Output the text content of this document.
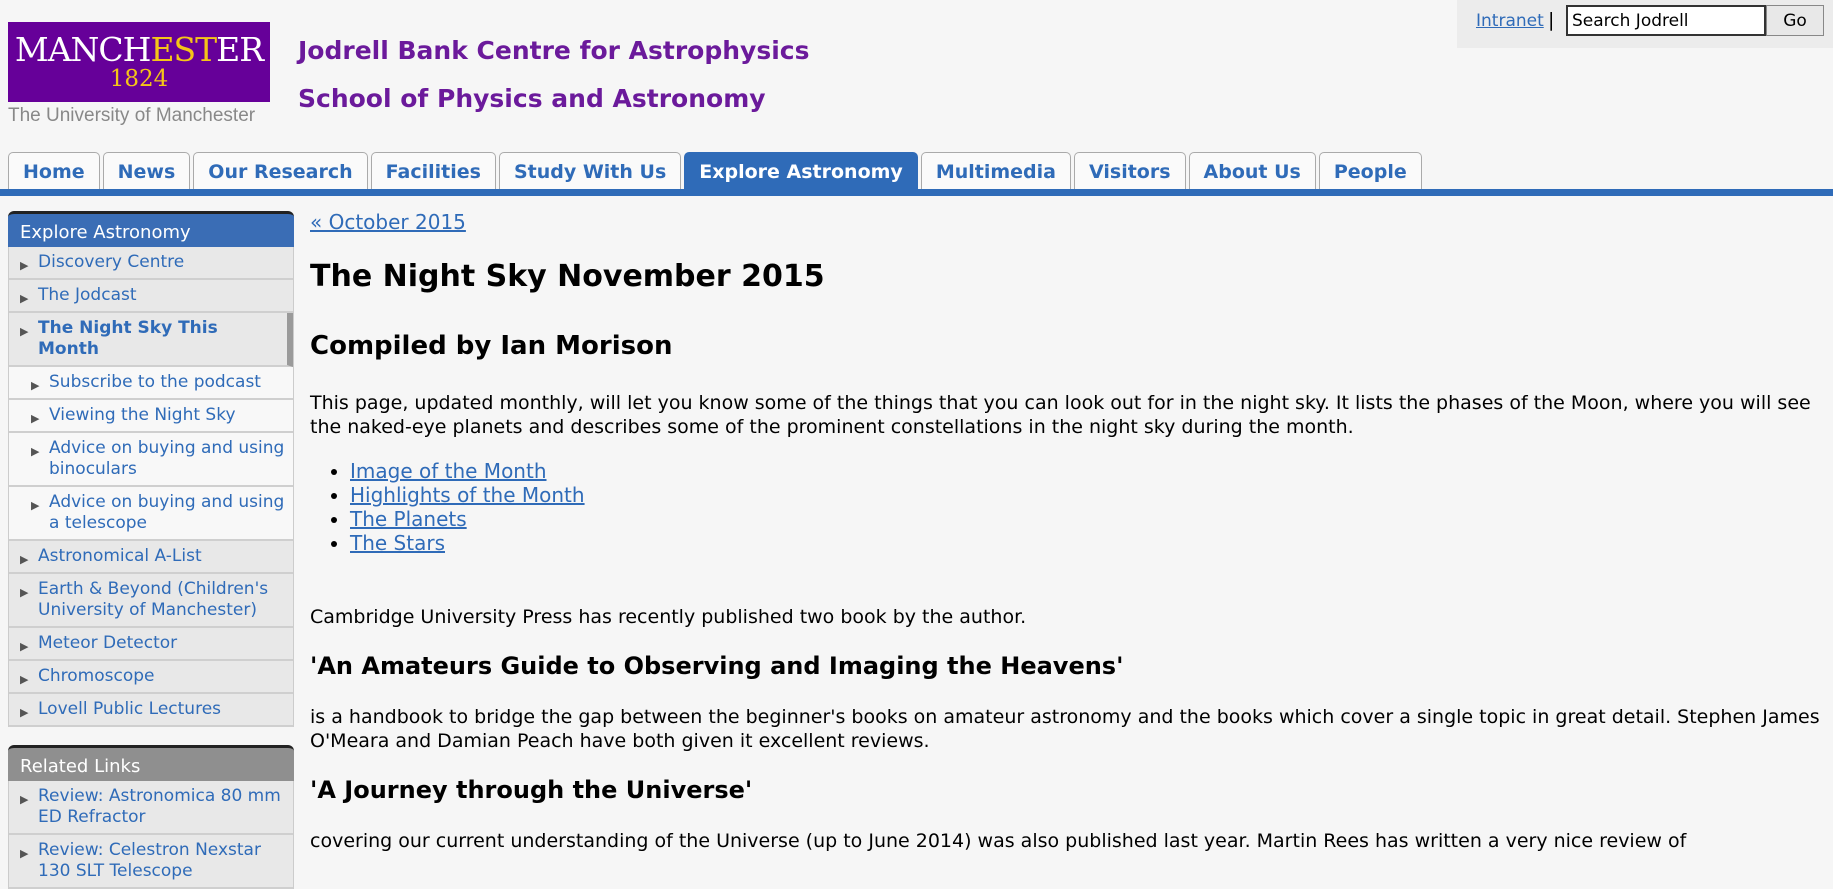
MANCHESTER
1824
The University of Manchester
Jodrell Bank Centre for Astrophysics
School of Physics and Astronomy
Intranet |
Search Jodrell	Go
Home	News	Our Research	Facilities	Study With Us	Explore Astronomy	Multimedia	Visitors	About Us	People
Explore Astronomy
▶ Discovery Centre
▶ The Jodcast
▶ The Night Sky This Month
▶ Subscribe to the podcast
▶ Viewing the Night Sky
▶ Advice on buying and using binoculars
▶ Advice on buying and using a telescope
▶ Astronomical A-List
▶ Earth & Beyond (Children's University of Manchester)
▶ Meteor Detector
▶ Chromoscope
▶ Lovell Public Lectures
Related Links
▶ Review: Astronomica 80 mm ED Refractor
▶ Review: Celestron Nexstar 130 SLT Telescope
« October 2015
The Night Sky November 2015
Compiled by Ian Morison

This page, updated monthly, will let you know some of the things that you can look out for in the night sky. It lists the phases of the Moon, where you will see the naked-eye planets and describes some of the prominent constellations in the night sky during the month.

• Image of the Month
• Highlights of the Month
• The Planets
• The Stars

Cambridge University Press has recently published two book by the author.

'An Amateurs Guide to Observing and Imaging the Heavens'

is a handbook to bridge the gap between the beginner's books on amateur astronomy and the books which cover a single topic in great detail. Stephen James O'Meara and Damian Peach have both given it excellent reviews.

'A Journey through the Universe'

covering our current understanding of the Universe (up to June 2014) was also published last year. Martin Rees has written a very nice review of
